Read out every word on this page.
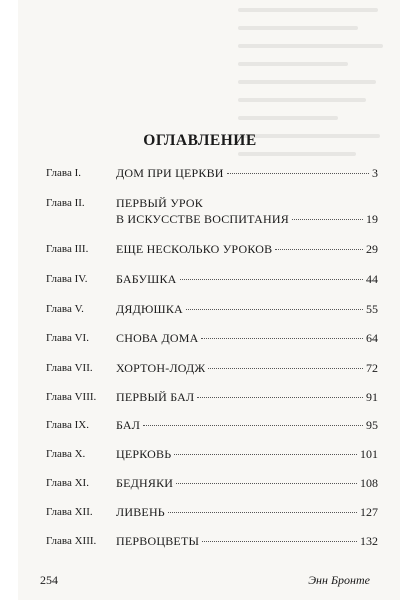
ОГЛАВЛЕНИЕ
Глава I.	ДОМ ПРИ ЦЕРКВИ	3
Глава II.	ПЕРВЫЙ УРОК
В ИСКУССТВЕ ВОСПИТАНИЯ	19
Глава III. ЕЩЕ НЕСКОЛЬКО УРОКОВ	29
Глава IV. БАБУШКА	44
Глава V.	ДЯДЮШКА	55
Глава VI. СНОВА ДОМА	64
Глава VII. ХОРТОН-ЛОДЖ	72
Глава VIII. ПЕРВЫЙ БАЛ	91
Глава IX. БАЛ	95
Глава X.	ЦЕРКОВЬ	101
Глава XI. БЕДНЯКИ	108
Глава XII. ЛИВЕНЬ	127
Глава XIII. ПЕРВОЦВЕТЫ	132
254	Энн Бронте
